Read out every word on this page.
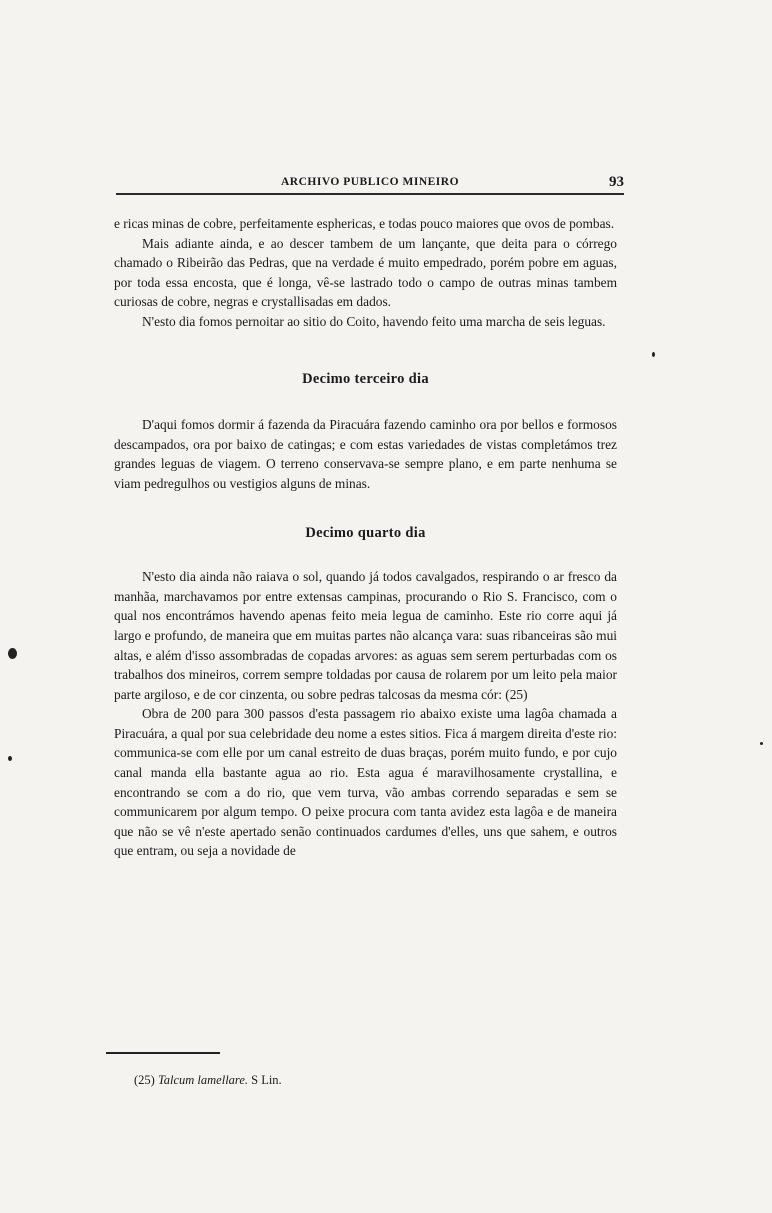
ARCHIVO PUBLICO MINEIRO	93

e ricas minas de cobre, perfeitamente esphericas, e todas pouco maiores que ovos de pombas.

Mais adiante ainda, e ao descer tambem de um lançante, que deita para o córrego chamado o Ribeirão das Pedras, que na verdade é muito empedrado, porém pobre em aguas, por toda essa encosta, que é longa, vê-se lastrado todo o campo de outras minas tambem curiosas de cobre, negras e crystallisadas em dados.

N'esto dia fomos pernoitar ao sitio do Coito, havendo feito uma marcha de seis leguas.

Decimo terceiro dia

D'aqui fomos dormir á fazenda da Piracuára fazendo caminho ora por bellos e formosos descampados, ora por baixo de catingas; e com estas variedades de vistas completámos trez grandes leguas de viagem. O terreno conservava-se sempre plano, e em parte nenhuma se viam pedregulhos ou vestigios alguns de minas.

Decimo quarto dia

N'esto dia ainda não raiava o sol, quando já todos cavalgados, respirando o ar fresco da manhãa, marchavamos por entre extensas campinas, procurando o Rio S. Francisco, com o qual nos encontrámos havendo apenas feito meia legua de caminho. Este rio corre aqui já largo e profundo, de maneira que em muitas partes não alcança vara: suas ribanceiras são mui altas, e além d'isso assombradas de copadas arvores: as aguas sem serem perturbadas com os trabalhos dos mineiros, correm sempre toldadas por causa de rolarem por um leito pela maior parte argiloso, e de cor cinzenta, ou sobre pedras talcosas da mesma cór: (25)

Obra de 200 para 300 passos d'esta passagem rio abaixo existe uma lagôa chamada a Piracuára, a qual por sua celebridade deu nome a estes sitios. Fica á margem direita d'este rio: communica-se com elle por um canal estreito de duas braças, porém muito fundo, e por cujo canal manda ella bastante agua ao rio. Esta agua é maravilhosamente crystallina, e encontrando se com a do rio, que vem turva, vão ambas correndo separadas e sem se communicarem por algum tempo. O peixe procura com tanta avidez esta lagôa e de maneira que não se vê n'este apertado senão continuados cardumes d'elles, uns que sahem, e outros que entram, ou seja a novidade de

(25) Talcum lamellare. S Lin.
